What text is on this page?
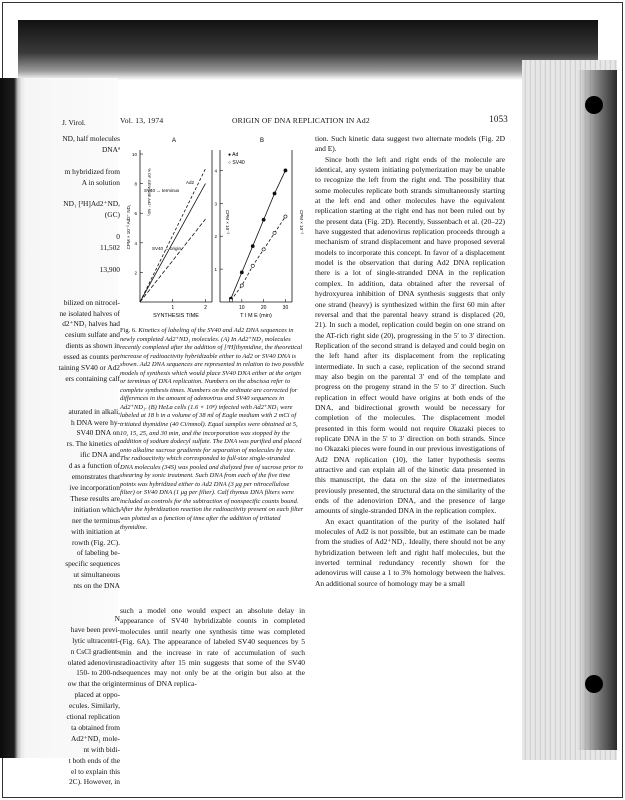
J. Virol.
ND, half molecules
DNAª

m hybridized from
A in solution

ND₁ [³H]Ad2⁺ND,
(GC)

0
11,502

13,900

bilized on nitrocel-
ne isolated halves of
d2⁺ND₁ halves had
cesium sulfate and
dients as shown in
essed as counts per
taining SV40 or Ad2
ers containing calf

aturated in alkali,
h DNA were hy-
SV40 DNA on
rs. The kinetics of
ific DNA and
d as a function of
emonstrates that
ive incorporation
These results are
initiation which
ner the terminus
with initiation at
rowth (Fig. 2C).
of labeling be-
specific sequences
ut simultaneous
nts on the DNA

N
have been previ-
lytic ultracentri-
n CsCl gradients
olated adenovirus
150- to 200-nd
ow that the origin
placed at oppo-
ecules. Similarly,
ctional replication
ta obtained from
Ad2⁺ND₁ mole-
nt with bidi-
t both ends of the
el to explain this
2C). However, in
Vol. 13, 1974	ORIGIN OF DNA REPLICATION IN Ad2	1053
A
SYNTHESIS TIME
CPM × 10⁻³ Ad2⁺ ND₁
% OF GENOME Ad2⁺ ND₁
SV40 → terminus
SV40 → origin
Ad2
1	2
2
4
6
8
10
B
● Ad
○ SV40
T I M E (min)
CPM × 10⁻³	CPM × 10⁻³
10	20	30
1
2
3
4
Fig. 6. Kinetics of labeling of the SV40 and Ad2 DNA sequences in newly completed Ad2⁺ND₁ molecules. (A) In Ad2⁺ND₁ molecules recently completed after the addition of [³H]thymidine, the theoretical increase of radioactivity hybridizable either to Ad2 or SV40 DNA is shown. Ad2 DNA sequences are represented in relation to two possible models of synthesis which would place SV40 DNA either at the origin or terminus of DNA replication. Numbers on the abscissa refer to complete synthesis times. Numbers on the ordinate are corrected for differences in the amount of adenovirus and SV40 sequences in Ad2⁺ND₁. (B) HeLa cells (1.6 × 10⁸) infected with Ad2⁺ND₁ were labeled at 18 h in a volume of 38 ml of Eagle medium with 2 mCi of tritiated thymidine (40 Ci/mmol). Equal samples were obtained at 5, 10, 15, 25, and 30 min, and the incorporation was stopped by the addition of sodium dodecyl sulfate. The DNA was purified and placed onto alkaline sucrose gradients for separation of molecules by size. The radioactivity which corresponded to full-size single-stranded DNA molecules (34S) was pooled and dialyzed free of sucrose prior to shearing by sonic treatment. Such DNA from each of the five time points was hybridized either to Ad2 DNA (3 μg per nitrocellulose filter) or SV40 DNA (1 μg per filter). Calf thymus DNA filters were included as controls for the subtraction of nonspecific counts bound. After the hybridization reaction the radioactivity present on each filter was plotted as a function of time after the addition of tritiated thymidine.
such a model one would expect an absolute delay in appearance of SV40 hybridizable counts in completed molecules until nearly one synthesis time was completed (Fig. 6A). The appearance of labeled SV40 sequences by 5 min and the increase in rate of accumulation of such radioactivity after 15 min suggests that some of the SV40 sequences may not only be at the origin but also at the terminus of DNA replica-

tion. Such kinetic data suggest two alternate models (Fig. 2D and E).

Since both the left and right ends of the molecule are identical, any system initiating polymerization may be unable to recognize the left from the right end. The possibility that some molecules replicate both strands simultaneously starting at the left end and other molecules have the equivalent replication starting at the right end has not been ruled out by the present data (Fig. 2D). Recently, Sussenbach et al. (20–22) have suggested that adenovirus replication proceeds through a mechanism of strand displacement and have proposed several models to incorporate this concept. In favor of a displacement model is the observation that during Ad2 DNA replication there is a lot of single-stranded DNA in the replication complex. In addition, data obtained after the reversal of hydroxyurea inhibition of DNA synthesis suggests that only one strand (heavy) is synthesized within the first 60 min after reversal and that the parental heavy strand is displaced (20, 21). In such a model, replication could begin on one strand on the AT-rich right side (20), progressing in the 5′ to 3′ direction. Replication of the second strand is delayed and could begin on the left hand after its displacement from the replicating intermediate. In such a case, replication of the second strand may also begin on the parental 3′ end of the template and progress on the progeny strand in the 5′ to 3′ direction. Such replication in effect would have origins at both ends of the DNA, and bidirectional growth would be necessary for completion of the molecules. The displacement model presented in this form would not require Okazaki pieces to replicate DNA in the 5′ to 3′ direction on both strands. Since no Okazaki pieces were found in our previous investigations of Ad2 DNA replication (10), the latter hypothesis seems attractive and can explain all of the kinetic data presented in this manuscript, the data on the size of the intermediates previously presented, the structural data on the similarity of the ends of the adenovirion DNA, and the presence of large amounts of single-stranded DNA in the replication complex.

An exact quantitation of the purity of the isolated half molecules of Ad2 is not possible, but an estimate can be made from the studies of Ad2⁺ND₁. Ideally, there should not be any hybridization between left and right half molecules, but the inverted terminal redundancy recently shown for the adenovirus will cause a 1 to 3% homology between the halves. An additional source of homology may be a small
